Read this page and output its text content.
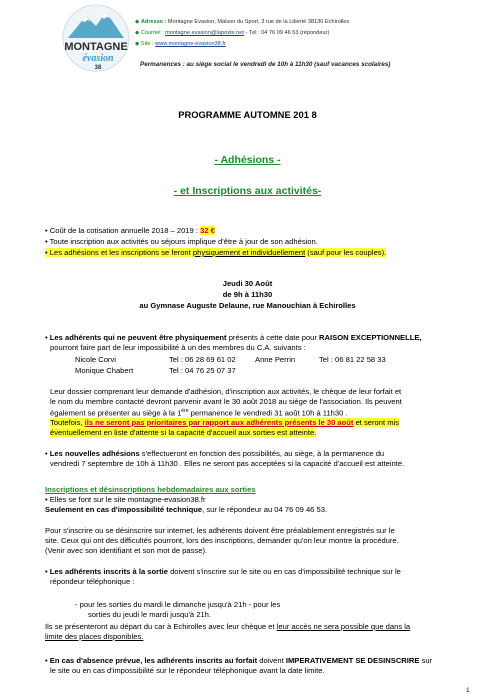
MONTAGNE
évasion
38
◆ Adresse : Montagne Evasion, Maison du Sport, 3 rue de la Liberté 38130 Echirolles
◆ Courriel : montagne.evasion@laposte.net - Tél : 04 76 09 46 53 (répondeur)
◆ Site : www.montagne-evasion38.fr
Permanences : au siège social le vendredi de 10h à 11h30 (sauf vacances scolaires)
PROGRAMME AUTOMNE 201 8
- Adhésions -
- et Inscriptions aux activités-
• Coût de la cotisation annuelle 2018 – 2019 : 32 €
• Toute inscription aux activités ou séjours implique d'être à jour de son adhésion.
• Les adhésions et les inscriptions se feront physiquement et individuellement (sauf pour les couples).
Jeudi 30 Août
de 9h à 11h30
au Gymnase Auguste Delaune, rue Manouchian à Echirolles
• Les adhérents qui ne peuvent être physiquement présents à cette date pour RAISON EXCEPTIONNELLE,
pourront faire part de leur impossibilité à un des membres du C.A. suivants :
Nicole Corvi	Tel : 06 28 69 61 02	Anne Perrin	Tel : 06 81 22 58 33
Monique Chabert	Tel : 04 76 25 07 37
Leur dossier comprenant leur demande d'adhésion, d'inscription aux activités, le chèque de leur forfait et
le nom du membre contacté devront parvenir avant le 30 août 2018 au siège de l'association. Ils peuvent
également se présenter au siège à la 1ère permanence le vendredi 31 août 10h à 11h30 .
Toutefois, ils ne seront pas prioritaires par rapport aux adhérents présents le 30 août et seront mis
éventuellement en liste d'attente si la capacité d'accueil aux sorties est atteinte.
• Les nouvelles adhésions s'effectueront en fonction des possibilités, au siège, à la permanence du
vendredi 7 septembre de 10h à 11h30 . Elles ne seront pas acceptées si la capacité d'accueil est atteinte.
Inscriptions et désinscriptions hebdomadaires aux sorties
• Elles se font sur le site montagne-evasion38.fr
Seulement en cas d'impossibilité technique, sur le répondeur au 04 76 09 46 53.
Pour s'inscrire ou se désinscrire sur internet, les adhérents doivent être préalablement enregistrés sur le
site. Ceux qui ont des difficultés pourront, lors des inscriptions, demander qu'on leur montre la procédure.
(Venir avec son identifiant et son mot de passe).
• Les adhérents inscrits à la sortie doivent s'inscrire sur le site ou en cas d'impossibilité technique sur le
répondeur téléphonique :
- pour les sorties du mardi le dimanche jusqu'à 21h - pour les
sorties du jeudi le mardi jusqu'à 21h.
Ils se présenteront au départ du car à Echirolles avec leur chèque et leur accès ne sera possible que dans la
limite des places disponibles.
• En cas d'absence prévue, les adhérents inscrits au forfait doivent IMPERATIVEMENT SE DESINSCRIRE sur
le site ou en cas d'impossibilité sur le répondeur téléphonique avant la date limite.
1
